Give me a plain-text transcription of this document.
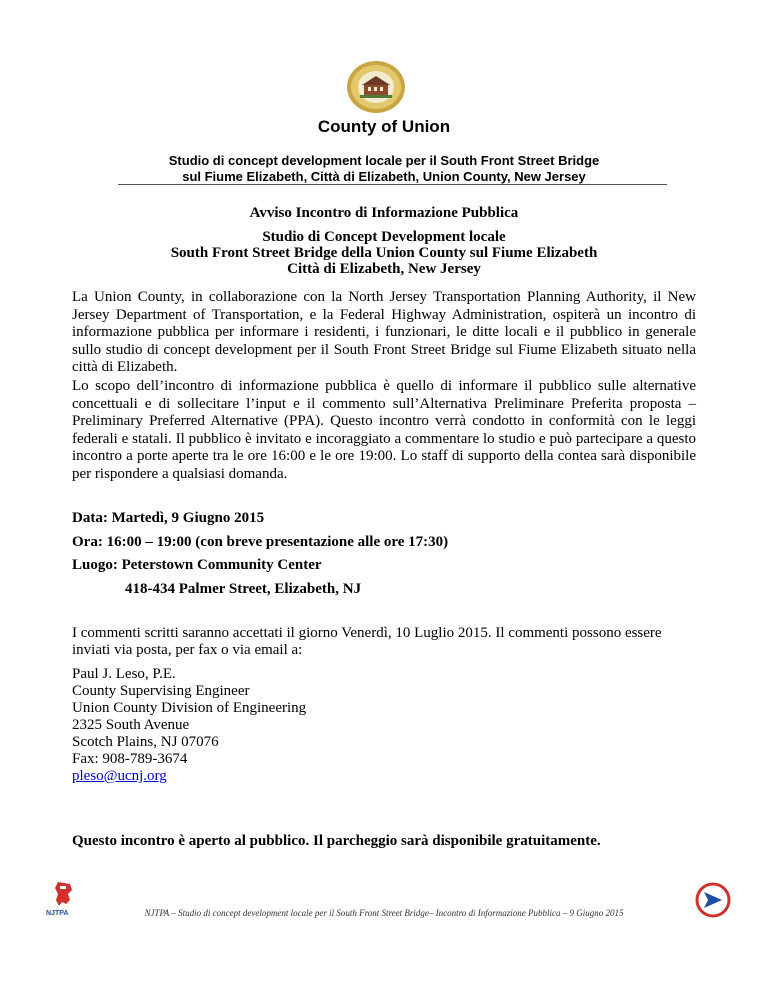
County of Union
Studio di concept development locale per il South Front Street Bridge
sul Fiume Elizabeth, Città di Elizabeth, Union County, New Jersey
Avviso Incontro di Informazione Pubblica
Studio di Concept Development locale
South Front Street Bridge della Union County sul Fiume Elizabeth
Città di Elizabeth, New Jersey
La Union County, in collaborazione con la North Jersey Transportation Planning Authority, il New Jersey Department of Transportation, e la Federal Highway Administration, ospiterà un incontro di informazione pubblica per informare i residenti, i funzionari, le ditte locali e il pubblico in generale sullo studio di concept development per il South Front Street Bridge sul Fiume Elizabeth situato nella città di Elizabeth.
Lo scopo dell’incontro di informazione pubblica è quello di informare il pubblico sulle alternative concettuali e di sollecitare l’input e il commento sull’Alternativa Preliminare Preferita proposta – Preliminary Preferred Alternative (PPA). Questo incontro verrà condotto in conformità con le leggi federali e statali. Il pubblico è invitato e incoraggiato a commentare lo studio e può partecipare a questo incontro a porte aperte tra le ore 16:00 e le ore 19:00. Lo staff di supporto della contea sarà disponibile per rispondere a qualsiasi domanda.
Data: Martedì, 9 Giugno 2015
Ora: 16:00 – 19:00 (con breve presentazione alle ore 17:30)
Luogo: Peterstown Community Center
418-434 Palmer Street, Elizabeth, NJ
I commenti scritti saranno accettati il giorno Venerdì, 10 Luglio 2015. Il commenti possono essere
inviati via posta, per fax o via email a:
Paul J. Leso, P.E.
County Supervising Engineer
Union County Division of Engineering
2325 South Avenue
Scotch Plains, NJ 07076
Fax: 908-789-3674
pleso@ucnj.org
Questo incontro è aperto al pubblico. Il parcheggio sarà disponibile gratuitamente.
NJTPA	NJTPA – Studio di concept development locale per il South Front Street Bridge– Incontro di Informazione Pubblica – 9 Giugno 2015
